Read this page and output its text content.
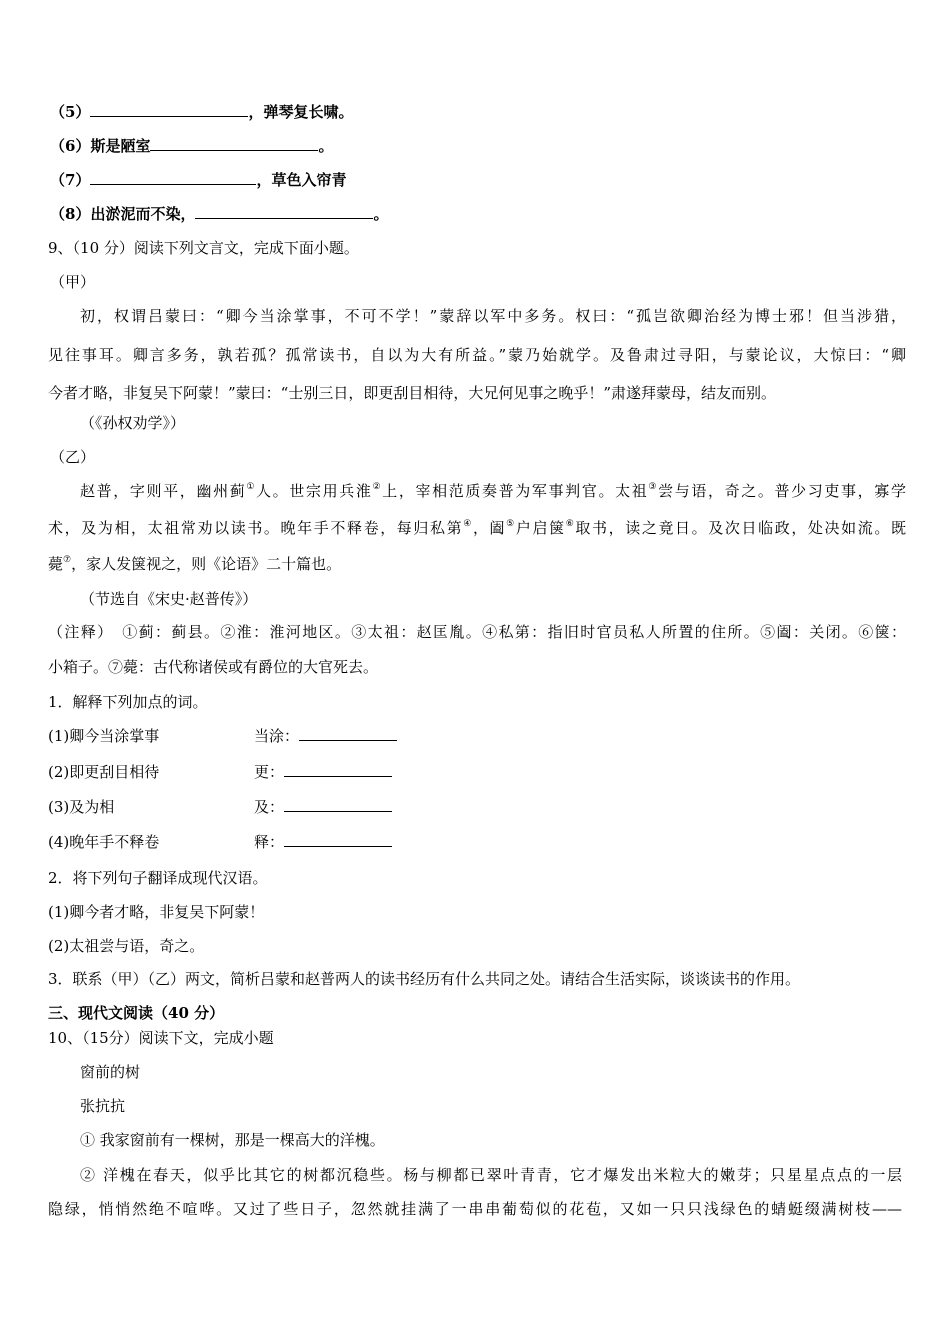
（5）	，弹琴复长啸。
（6）斯是陋室	。
（7）	，草色入帘青
（8）出淤泥而不染，	。
9、（10 分）阅读下列文言文，完成下面小题。
（甲）
初，权谓吕蒙曰：“卿今当涂掌事，不可不学！”蒙辞以军中多务。权曰：“孤岂欲卿治经为博士邪！但当涉猎，
见往事耳。卿言多务，孰若孤？孤常读书，自以为大有所益。”蒙乃始就学。及鲁肃过寻阳，与蒙论议，大惊曰：“卿
今者才略，非复吴下阿蒙！”蒙曰：“士别三日，即更刮目相待，大兄何见事之晚乎！”肃遂拜蒙母，结友而别。
（《孙权劝学》）
（乙）
赵普，字则平，幽州蓟①人。世宗用兵淮②上，宰相范质奏普为军事判官。太祖③尝与语，奇之。普少习吏事，寡学
术，及为相，太祖常劝以读书。晚年手不释卷，每归私第④，阖⑤户启箧⑥取书，读之竟日。及次日临政，处决如流。既
薨⑦，家人发箧视之，则《论语》二十篇也。
（节选自《宋史·赵普传》）
（注释）　①蓟：蓟县。②淮：淮河地区。③太祖：赵匡胤。④私第：指旧时官员私人所置的住所。⑤阖：关闭。⑥箧：
小箱子。⑦薨：古代称诸侯或有爵位的大官死去。
1．解释下列加点的词。
(1)卿今当涂掌事	当涂：
(2)即更刮目相待	更：
(3)及为相	及：
(4)晚年手不释卷	释：
2．将下列句子翻译成现代汉语。
(1)卿今者才略，非复吴下阿蒙！
(2)太祖尝与语，奇之。
3．联系（甲）（乙）两文，简析吕蒙和赵普两人的读书经历有什么共同之处。请结合生活实际，谈谈读书的作用。
三、现代文阅读（40 分）
10、（15分）阅读下文，完成小题
窗前的树
张抗抗
① 我家窗前有一棵树，那是一棵高大的洋槐。
② 洋槐在春天，似乎比其它的树都沉稳些。杨与柳都已翠叶青青，它才爆发出米粒大的嫩芽；只星星点点的一层
隐绿，悄悄然绝不喧哗。又过了些日子，忽然就挂满了一串串葡萄似的花苞，又如一只只浅绿色的蜻蜓缀满树枝——
